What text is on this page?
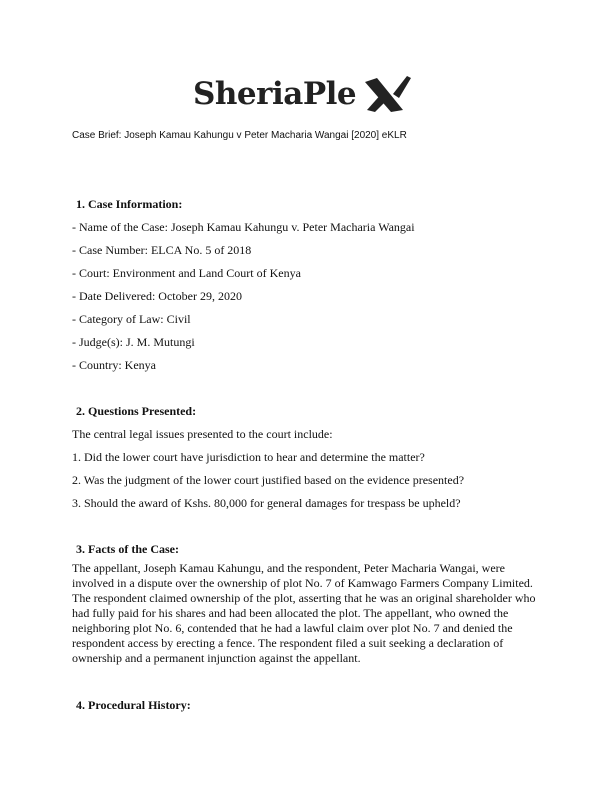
SheriaPle
Case Brief: Joseph Kamau Kahungu v Peter Macharia Wangai [2020] eKLR
1. Case Information:
- Name of the Case: Joseph Kamau Kahungu v. Peter Macharia Wangai
- Case Number: ELCA No. 5 of 2018
- Court: Environment and Land Court of Kenya
- Date Delivered: October 29, 2020
- Category of Law: Civil
- Judge(s): J. M. Mutungi
- Country: Kenya
2. Questions Presented:
The central legal issues presented to the court include:
1. Did the lower court have jurisdiction to hear and determine the matter?
2. Was the judgment of the lower court justified based on the evidence presented?
3. Should the award of Kshs. 80,000 for general damages for trespass be upheld?
3. Facts of the Case:
The appellant, Joseph Kamau Kahungu, and the respondent, Peter Macharia Wangai, were
involved in a dispute over the ownership of plot No. 7 of Kamwago Farmers Company Limited.
The respondent claimed ownership of the plot, asserting that he was an original shareholder who
had fully paid for his shares and had been allocated the plot. The appellant, who owned the
neighboring plot No. 6, contended that he had a lawful claim over plot No. 7 and denied the
respondent access by erecting a fence. The respondent filed a suit seeking a declaration of
ownership and a permanent injunction against the appellant.
4. Procedural History:
